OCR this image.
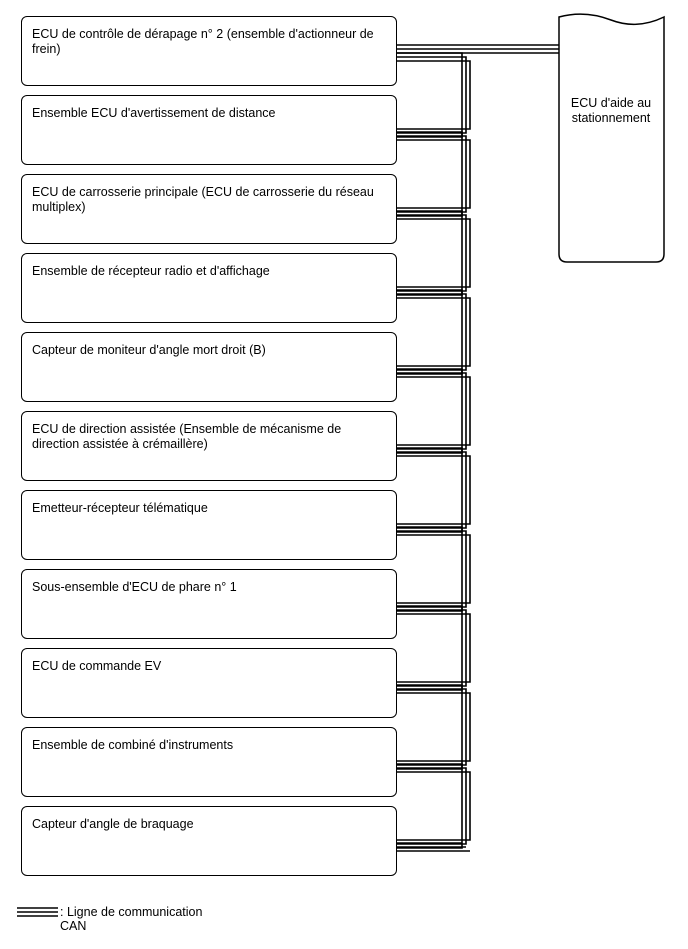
ECU de contrôle de dérapage n° 2 (ensemble d'actionneur de frein)
Ensemble ECU d'avertissement de distance
ECU de carrosserie principale (ECU de carrosserie du réseau multiplex)
Ensemble de récepteur radio et d'affichage
Capteur de moniteur d'angle mort droit (B)
ECU de direction assistée (Ensemble de mécanisme de direction assistée à crémaillère)
Emetteur-récepteur télématique
Sous-ensemble d'ECU de phare n° 1
ECU de commande EV
Ensemble de combiné d'instruments
Capteur d'angle de braquage
ECU d'aide au stationnement
: Ligne de communication CAN
